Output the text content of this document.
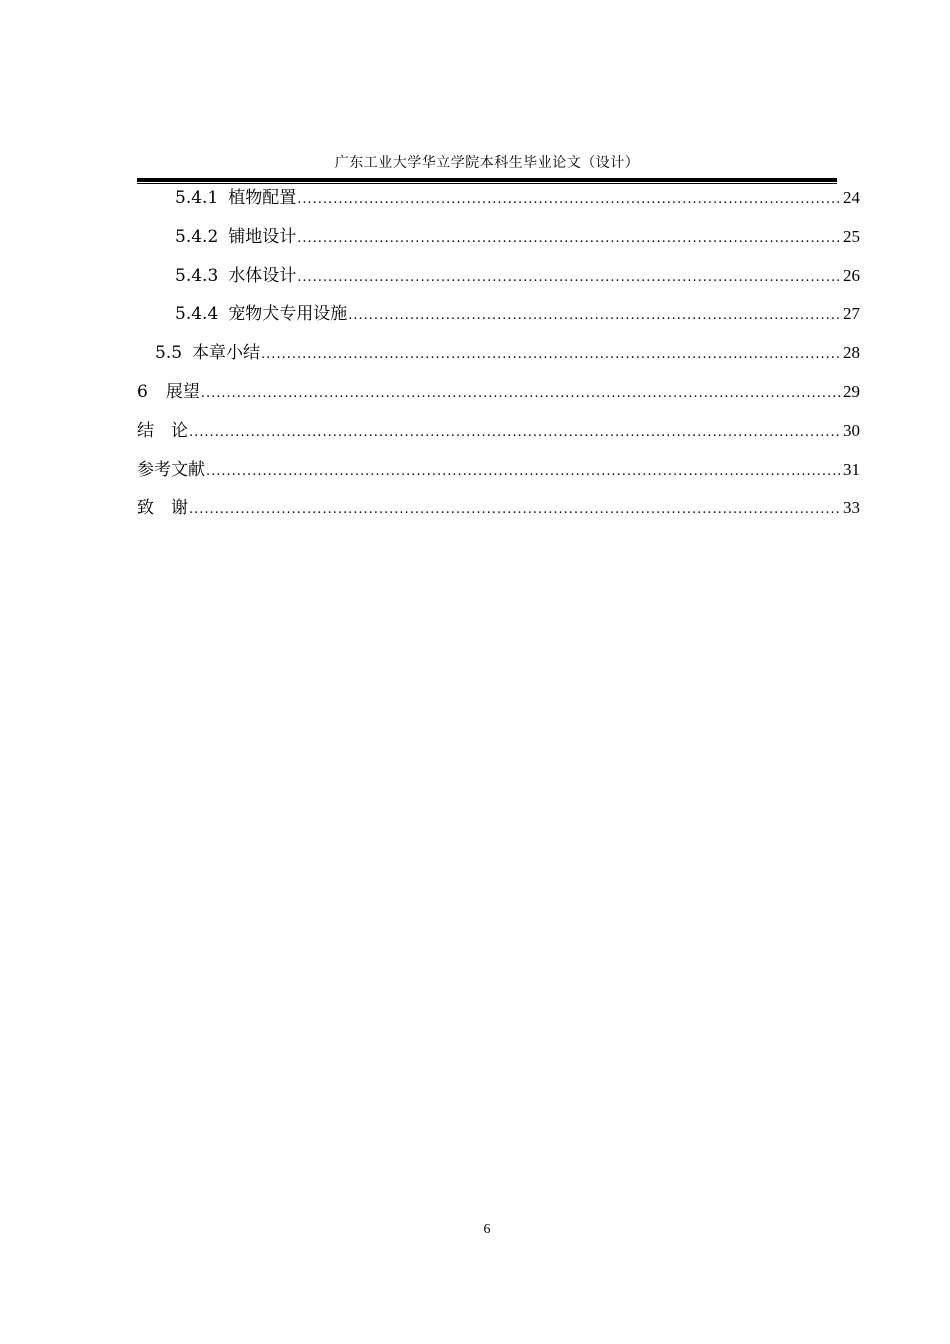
广东工业大学华立学院本科生毕业论文（设计）
5.4.1 植物配置 .....	24
5.4.2 铺地设计 .....	25
5.4.3 水体设计 .....	26
5.4.4 宠物犬专用设施 .....	27
5.5 本章小结 .....	28
6 展望 .....	29
结　论 .....	30
参考文献 .....	31
致　谢 .....	33
6
